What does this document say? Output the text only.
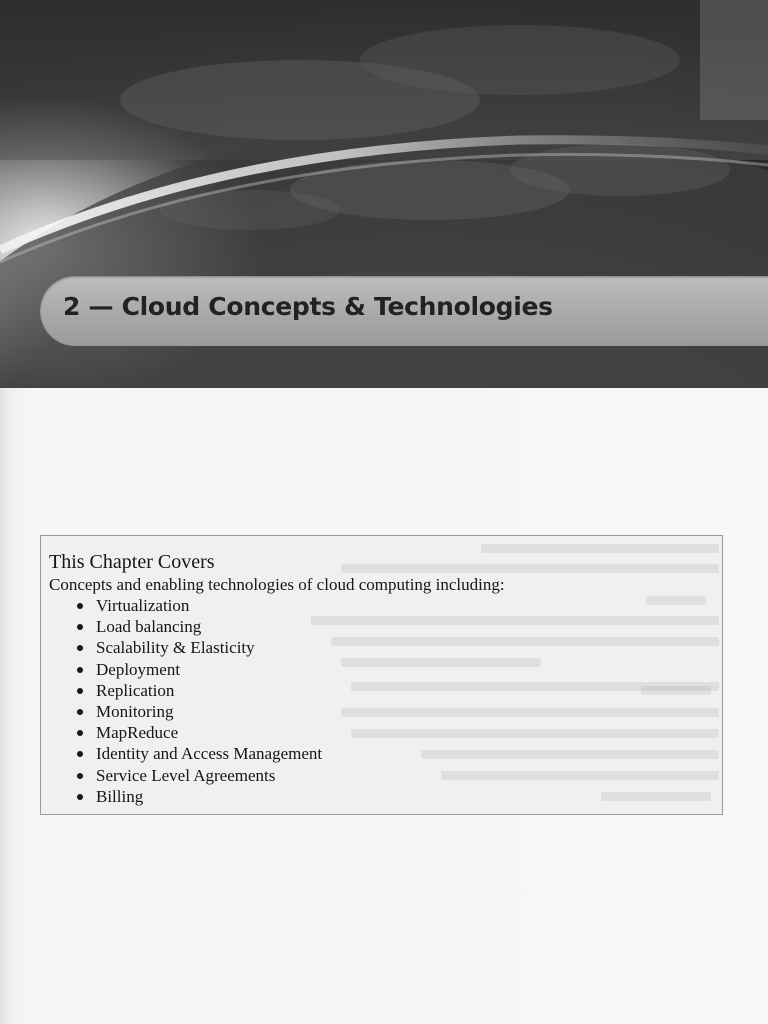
2 — Cloud Concepts & Technologies
This Chapter Covers

Concepts and enabling technologies of cloud computing including:

Virtualization
Load balancing
Scalability & Elasticity
Deployment
Replication
Monitoring
MapReduce
Identity and Access Management
Service Level Agreements
Billing
